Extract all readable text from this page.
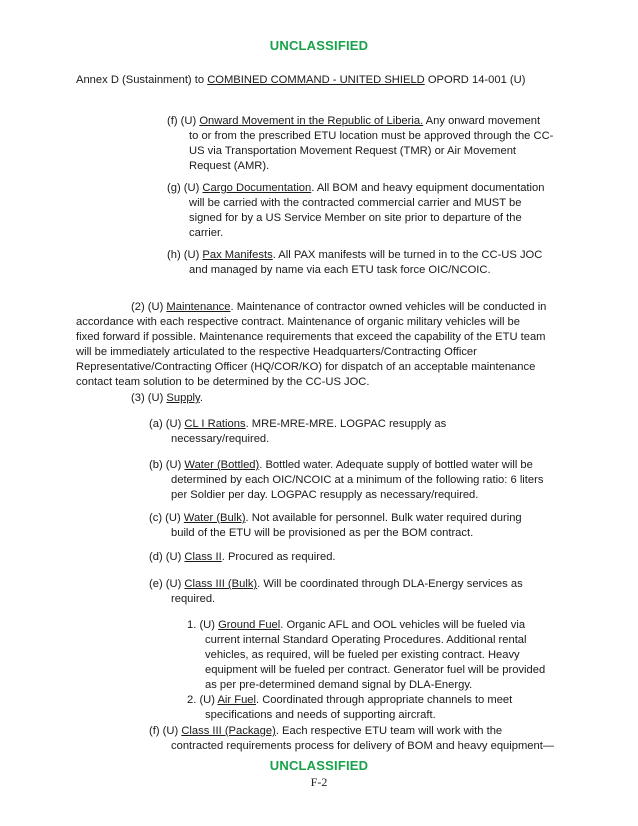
UNCLASSIFIED
Annex D (Sustainment) to COMBINED COMMAND - UNITED SHIELD OPORD 14-001 (U)
(f) (U) Onward Movement in the Republic of Liberia. Any onward movement
to or from the prescribed ETU location must be approved through the CC-
US via Transportation Movement Request (TMR) or Air Movement
Request (AMR).
(g) (U) Cargo Documentation. All BOM and heavy equipment documentation
will be carried with the contracted commercial carrier and MUST be
signed for by a US Service Member on site prior to departure of the
carrier.
(h) (U) Pax Manifests. All PAX manifests will be turned in to the CC-US JOC
and managed by name via each ETU task force OIC/NCOIC.
(2) (U) Maintenance. Maintenance of contractor owned vehicles will be conducted in
accordance with each respective contract. Maintenance of organic military vehicles will be
fixed forward if possible. Maintenance requirements that exceed the capability of the ETU team
will be immediately articulated to the respective Headquarters/Contracting Officer
Representative/Contracting Officer (HQ/COR/KO) for dispatch of an acceptable maintenance
contact team solution to be determined by the CC-US JOC.
(3) (U) Supply.
(a) (U) CL I Rations. MRE-MRE-MRE. LOGPAC resupply as
necessary/required.
(b) (U) Water (Bottled). Bottled water. Adequate supply of bottled water will be
determined by each OIC/NCOIC at a minimum of the following ratio: 6 liters
per Soldier per day. LOGPAC resupply as necessary/required.
(c) (U) Water (Bulk). Not available for personnel. Bulk water required during
build of the ETU will be provisioned as per the BOM contract.
(d) (U) Class II. Procured as required.
(e) (U) Class III (Bulk). Will be coordinated through DLA-Energy services as
required.
1. (U) Ground Fuel. Organic AFL and OOL vehicles will be fueled via
current internal Standard Operating Procedures. Additional rental
vehicles, as required, will be fueled per existing contract. Heavy
equipment will be fueled per contract. Generator fuel will be provided
as per pre-determined demand signal by DLA-Energy.
2. (U) Air Fuel. Coordinated through appropriate channels to meet
specifications and needs of supporting aircraft.
(f) (U) Class III (Package). Each respective ETU team will work with the
contracted requirements process for delivery of BOM and heavy equipment—
UNCLASSIFIED
F-2
